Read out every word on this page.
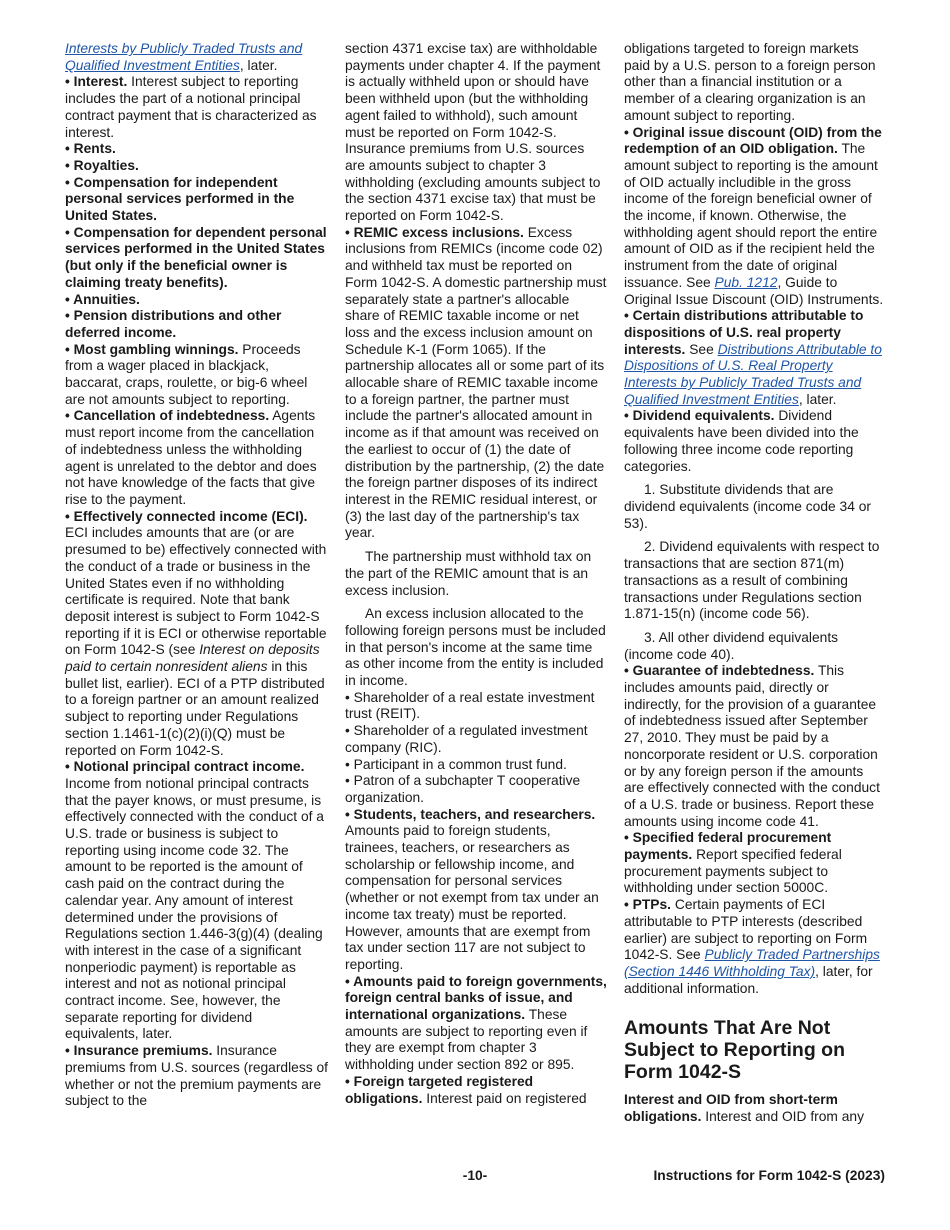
Interests by Publicly Traded Trusts and Qualified Investment Entities, later.

• Interest. Interest subject to reporting includes the part of a notional principal contract payment that is characterized as interest.

• Rents.

• Royalties.

• Compensation for independent personal services performed in the United States.

• Compensation for dependent personal services performed in the United States (but only if the beneficial owner is claiming treaty benefits).

• Annuities.

• Pension distributions and other deferred income.

• Most gambling winnings. Proceeds from a wager placed in blackjack, baccarat, craps, roulette, or big-6 wheel are not amounts subject to reporting.

• Cancellation of indebtedness. Agents must report income from the cancellation of indebtedness unless the withholding agent is unrelated to the debtor and does not have knowledge of the facts that give rise to the payment.

• Effectively connected income (ECI). ECI includes amounts that are (or are presumed to be) effectively connected with the conduct of a trade or business in the United States even if no withholding certificate is required. Note that bank deposit interest is subject to Form 1042-S reporting if it is ECI or otherwise reportable on Form 1042-S (see Interest on deposits paid to certain nonresident aliens in this bullet list, earlier). ECI of a PTP distributed to a foreign partner or an amount realized subject to reporting under Regulations section 1.1461-1(c)(2)(i)(Q) must be reported on Form 1042-S.

• Notional principal contract income. Income from notional principal contracts that the payer knows, or must presume, is effectively connected with the conduct of a U.S. trade or business is subject to reporting using income code 32. The amount to be reported is the amount of cash paid on the contract during the calendar year. Any amount of interest determined under the provisions of Regulations section 1.446-3(g)(4) (dealing with interest in the case of a significant nonperiodic payment) is reportable as interest and not as notional principal contract income. See, however, the separate reporting for dividend equivalents, later.

• Insurance premiums. Insurance premiums from U.S. sources (regardless of whether or not the premium payments are subject to the

section 4371 excise tax) are withholdable payments under chapter 4. If the payment is actually withheld upon or should have been withheld upon (but the withholding agent failed to withhold), such amount must be reported on Form 1042-S. Insurance premiums from U.S. sources are amounts subject to chapter 3 withholding (excluding amounts subject to the section 4371 excise tax) that must be reported on Form 1042-S.

• REMIC excess inclusions. Excess inclusions from REMICs (income code 02) and withheld tax must be reported on Form 1042-S. A domestic partnership must separately state a partner's allocable share of REMIC taxable income or net loss and the excess inclusion amount on Schedule K-1 (Form 1065). If the partnership allocates all or some part of its allocable share of REMIC taxable income to a foreign partner, the partner must include the partner's allocated amount in income as if that amount was received on the earliest to occur of (1) the date of distribution by the partnership, (2) the date the foreign partner disposes of its indirect interest in the REMIC residual interest, or (3) the last day of the partnership's tax year.

The partnership must withhold tax on the part of the REMIC amount that is an excess inclusion.

An excess inclusion allocated to the following foreign persons must be included in that person's income at the same time as other income from the entity is included in income.

• Shareholder of a real estate investment trust (REIT).

• Shareholder of a regulated investment company (RIC).

• Participant in a common trust fund.

• Patron of a subchapter T cooperative organization.

• Students, teachers, and researchers. Amounts paid to foreign students, trainees, teachers, or researchers as scholarship or fellowship income, and compensation for personal services (whether or not exempt from tax under an income tax treaty) must be reported. However, amounts that are exempt from tax under section 117 are not subject to reporting.

• Amounts paid to foreign governments, foreign central banks of issue, and international organizations. These amounts are subject to reporting even if they are exempt from chapter 3 withholding under section 892 or 895.

• Foreign targeted registered obligations. Interest paid on registered

obligations targeted to foreign markets paid by a U.S. person to a foreign person other than a financial institution or a member of a clearing organization is an amount subject to reporting.

• Original issue discount (OID) from the redemption of an OID obligation. The amount subject to reporting is the amount of OID actually includible in the gross income of the foreign beneficial owner of the income, if known. Otherwise, the withholding agent should report the entire amount of OID as if the recipient held the instrument from the date of original issuance. See Pub. 1212, Guide to Original Issue Discount (OID) Instruments.

• Certain distributions attributable to dispositions of U.S. real property interests. See Distributions Attributable to Dispositions of U.S. Real Property Interests by Publicly Traded Trusts and Qualified Investment Entities, later.

• Dividend equivalents. Dividend equivalents have been divided into the following three income code reporting categories.

1. Substitute dividends that are dividend equivalents (income code 34 or 53).

2. Dividend equivalents with respect to transactions that are section 871(m) transactions as a result of combining transactions under Regulations section 1.871-15(n) (income code 56).

3. All other dividend equivalents (income code 40).

• Guarantee of indebtedness. This includes amounts paid, directly or indirectly, for the provision of a guarantee of indebtedness issued after September 27, 2010. They must be paid by a noncorporate resident or U.S. corporation or by any foreign person if the amounts are effectively connected with the conduct of a U.S. trade or business. Report these amounts using income code 41.

• Specified federal procurement payments. Report specified federal procurement payments subject to withholding under section 5000C.

• PTPs. Certain payments of ECI attributable to PTP interests (described earlier) are subject to reporting on Form 1042-S. See Publicly Traded Partnerships (Section 1446 Withholding Tax), later, for additional information.

Amounts That Are Not Subject to Reporting on Form 1042-S

Interest and OID from short-term obligations. Interest and OID from any

-10-	Instructions for Form 1042-S (2023)
